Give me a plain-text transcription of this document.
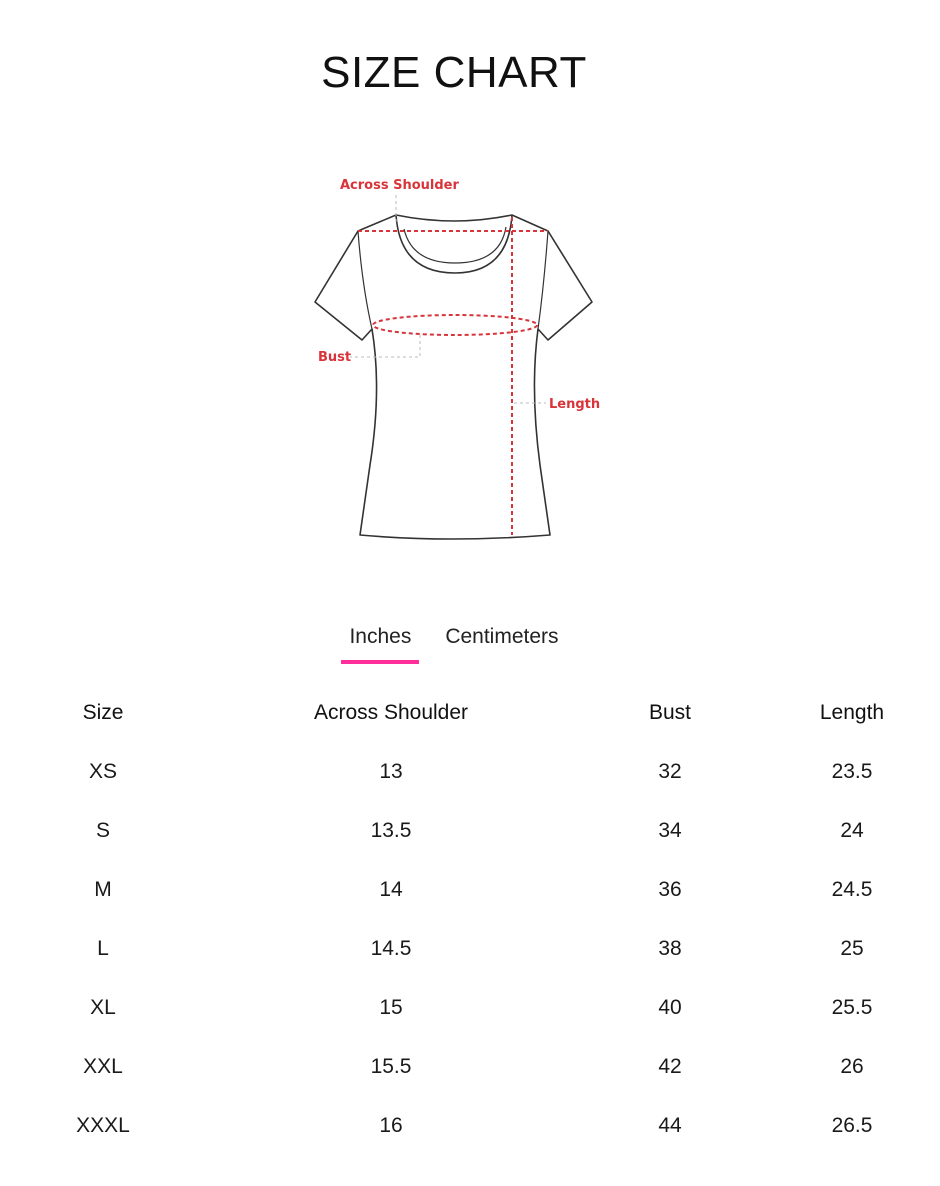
SIZE CHART
Across Shoulder
Bust
Length
Inches	Centimeters
Size	Across Shoulder	Bust	Length
XS	13	32	23.5
S	13.5	34	24
M	14	36	24.5
L	14.5	38	25
XL	15	40	25.5
XXL	15.5	42	26
XXXL	16	44	26.5
